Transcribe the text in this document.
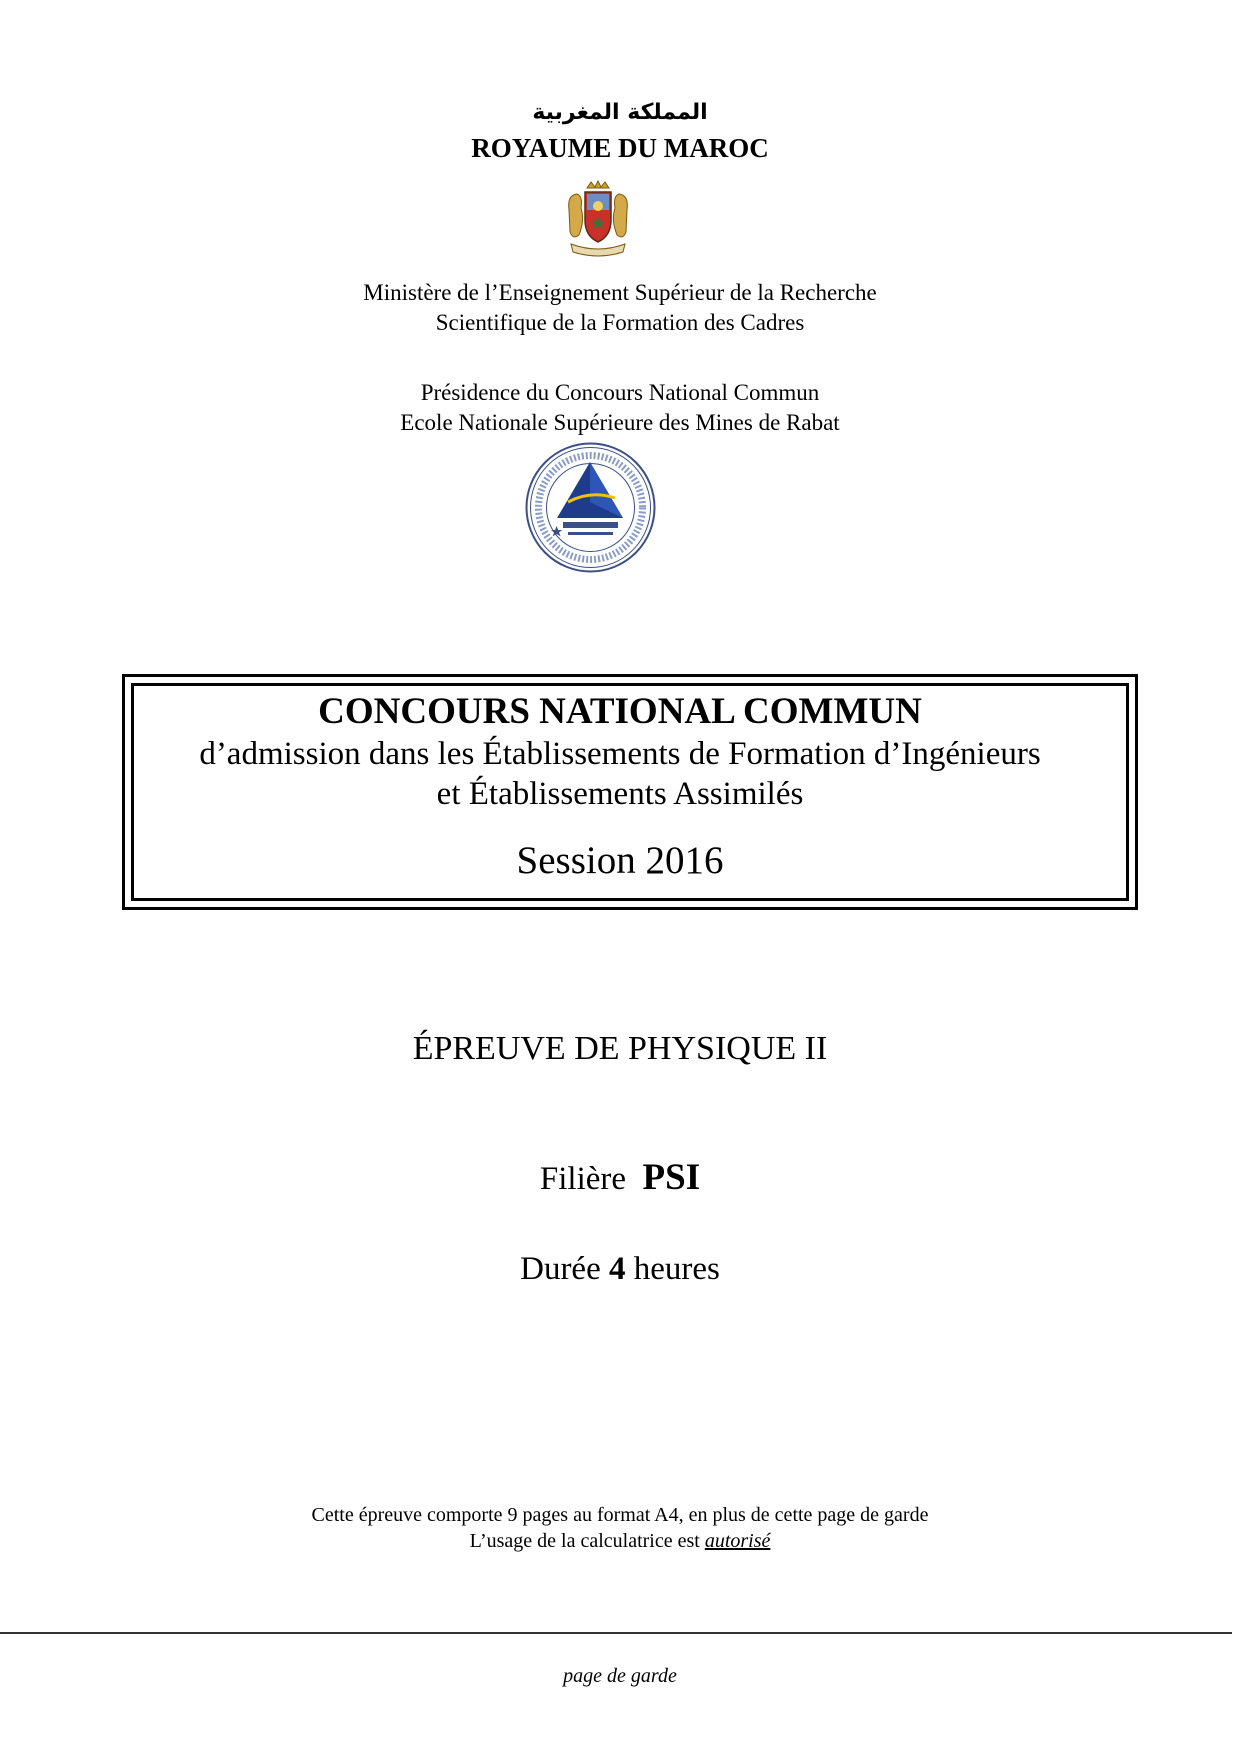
المملكة المغربية
ROYAUME DU MAROC
Ministère de l’Enseignement Supérieur de la Recherche
Scientifique de la Formation des Cadres
Présidence du Concours National Commun
Ecole Nationale Supérieure des Mines de Rabat
CONCOURS NATIONAL COMMUN
d’admission dans les Établissements de Formation d’Ingénieurs
et Établissements Assimilés
Session 2016
ÉPREUVE DE PHYSIQUE II
Filière PSI
Durée 4 heures
Cette épreuve comporte 9 pages au format A4, en plus de cette page de garde
L’usage de la calculatrice est autorisé
page de garde
